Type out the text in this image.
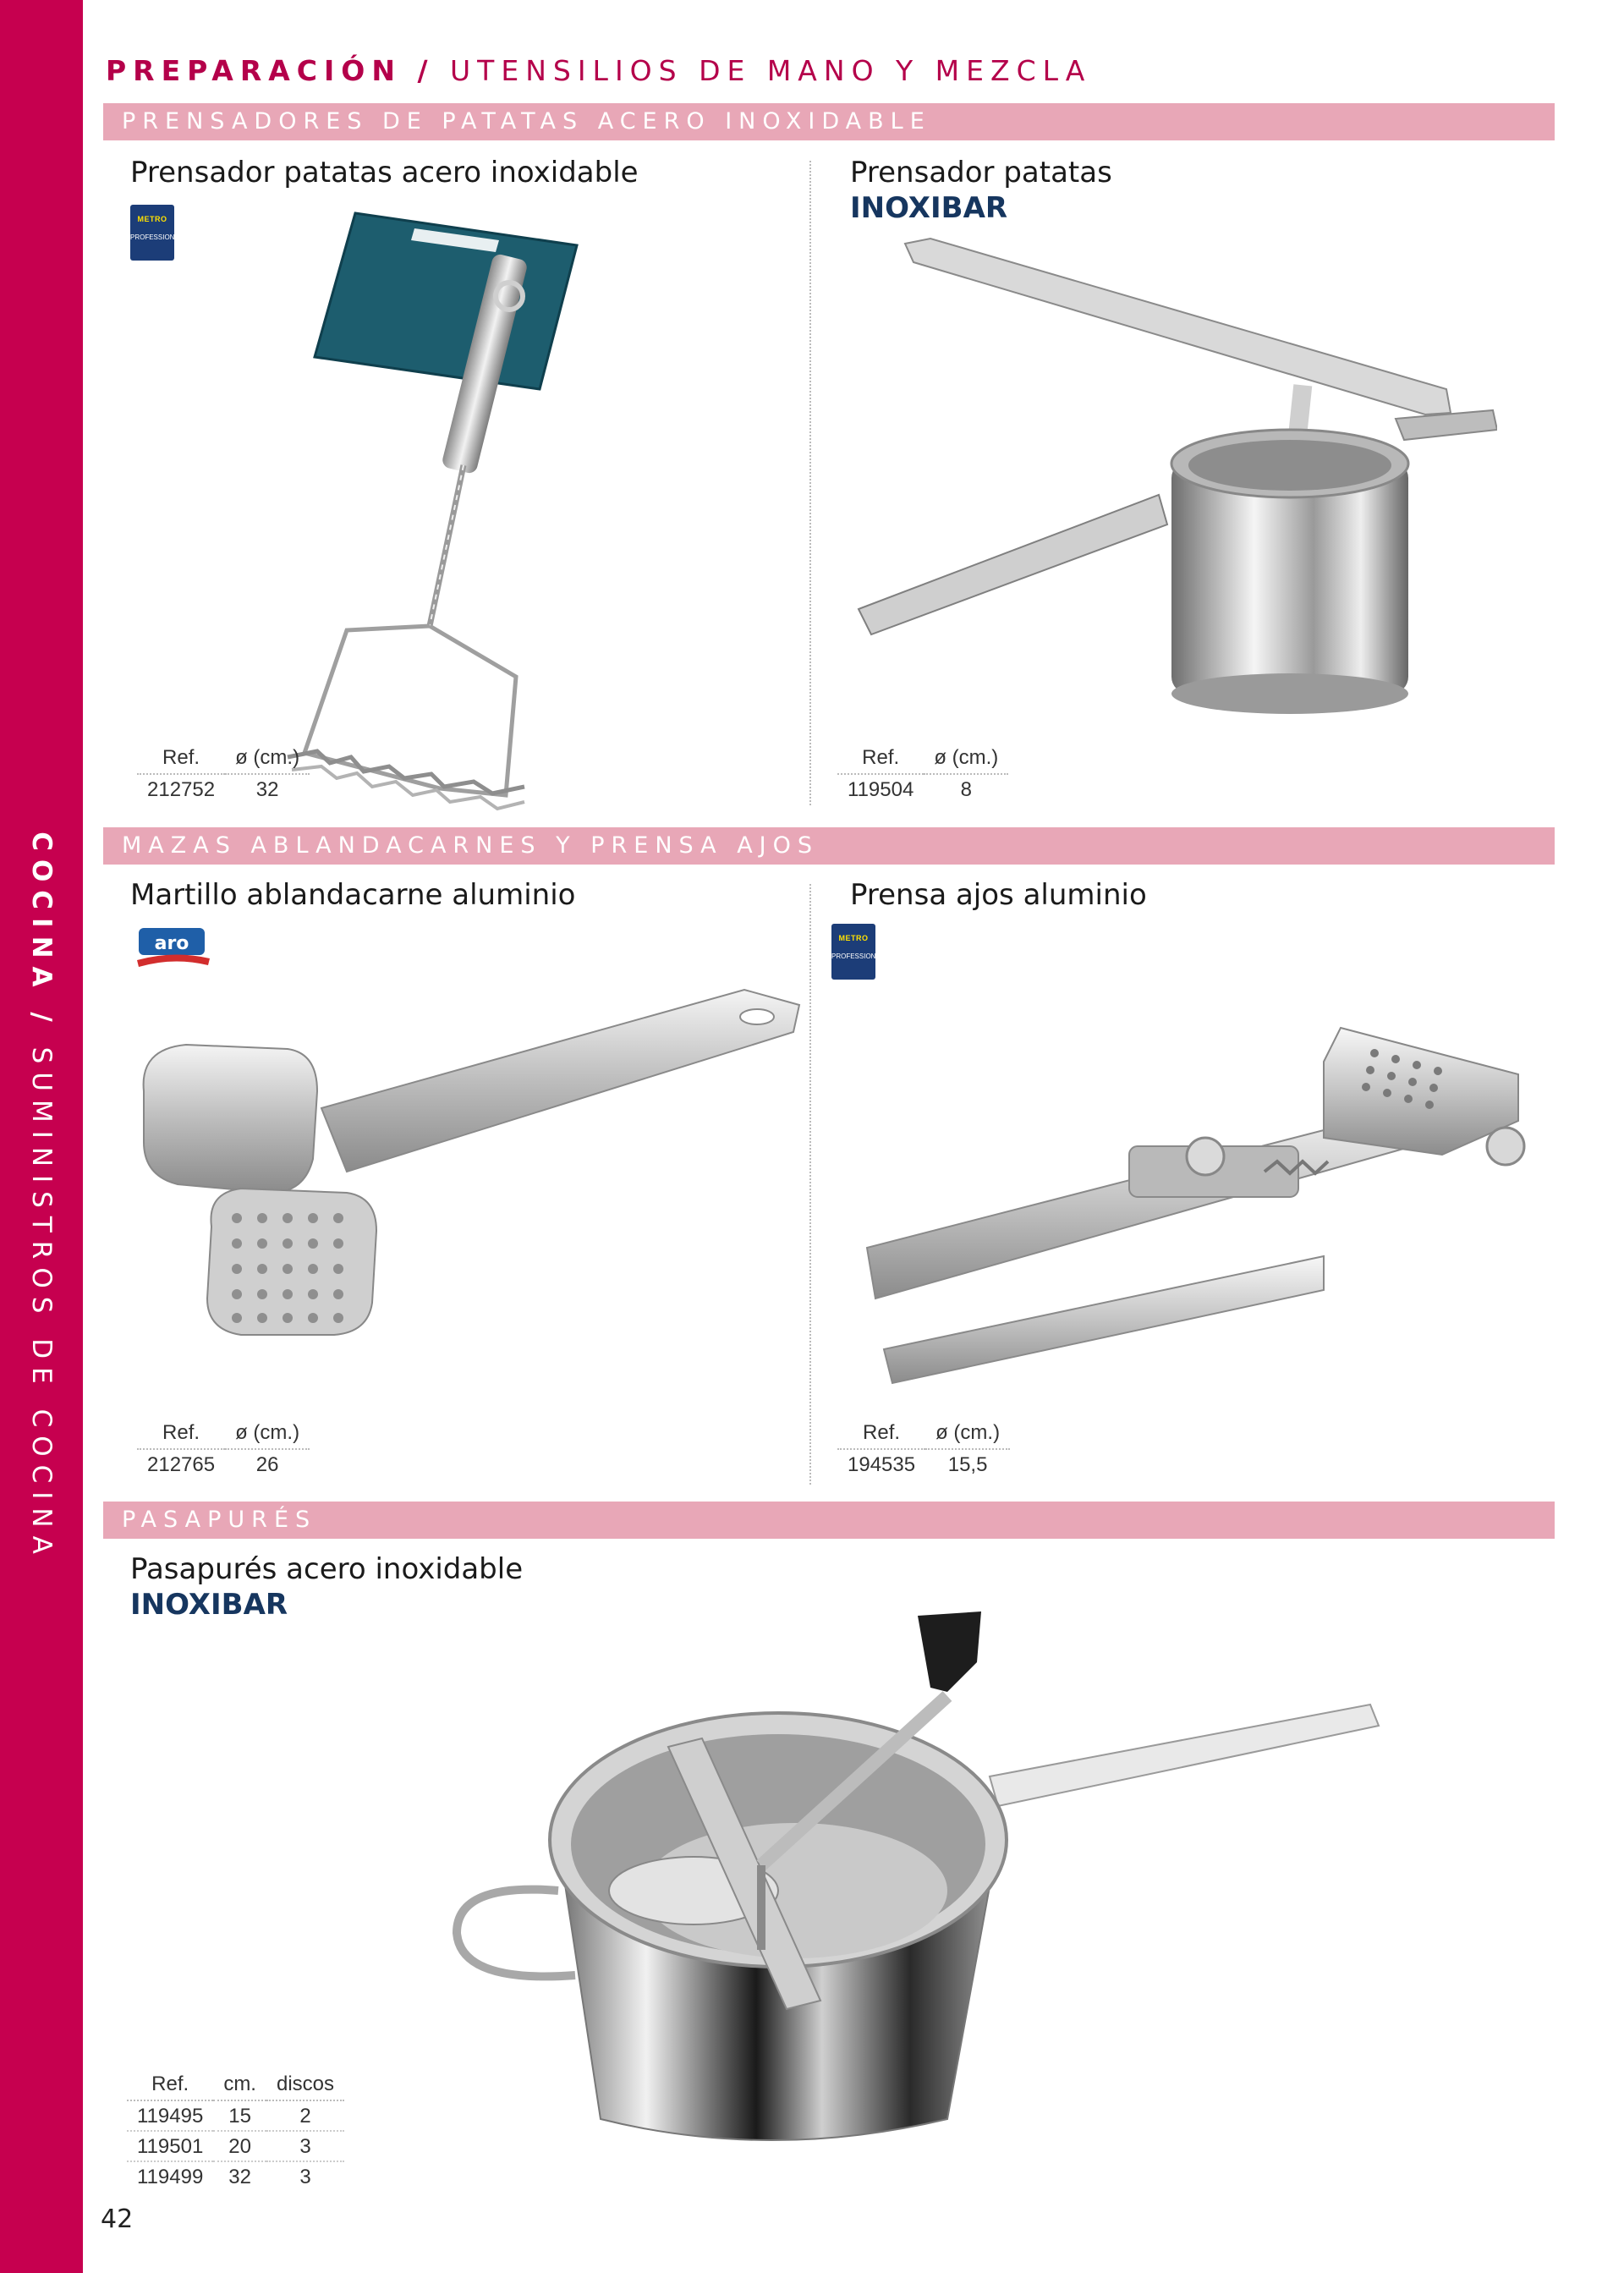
COCINA / SUMINISTROS DE COCINA
PREPARACIÓN / UTENSILIOS DE MANO Y MEZCLA
PRENSADORES DE PATATAS ACERO INOXIDABLE
MAZAS ABLANDACARNES Y PRENSA AJOS
PASAPURÉS
Prensador patatas acero inoxidable
METRO
PROFESSIONAL
Ref.	ø (cm.)
212752	32
Prensador patatas
INOXIBAR
Ref.	ø (cm.)
119504	8
Martillo ablandacarne aluminio
aro
Ref.	ø (cm.)
212765	26
Prensa ajos aluminio
METRO
PROFESSIONAL
Ref.	ø (cm.)
194535	15,5
Pasapurés acero inoxidable
INOXIBAR
Ref.	cm.	discos
119495	15	2
119501	20	3
119499	32	3
42
